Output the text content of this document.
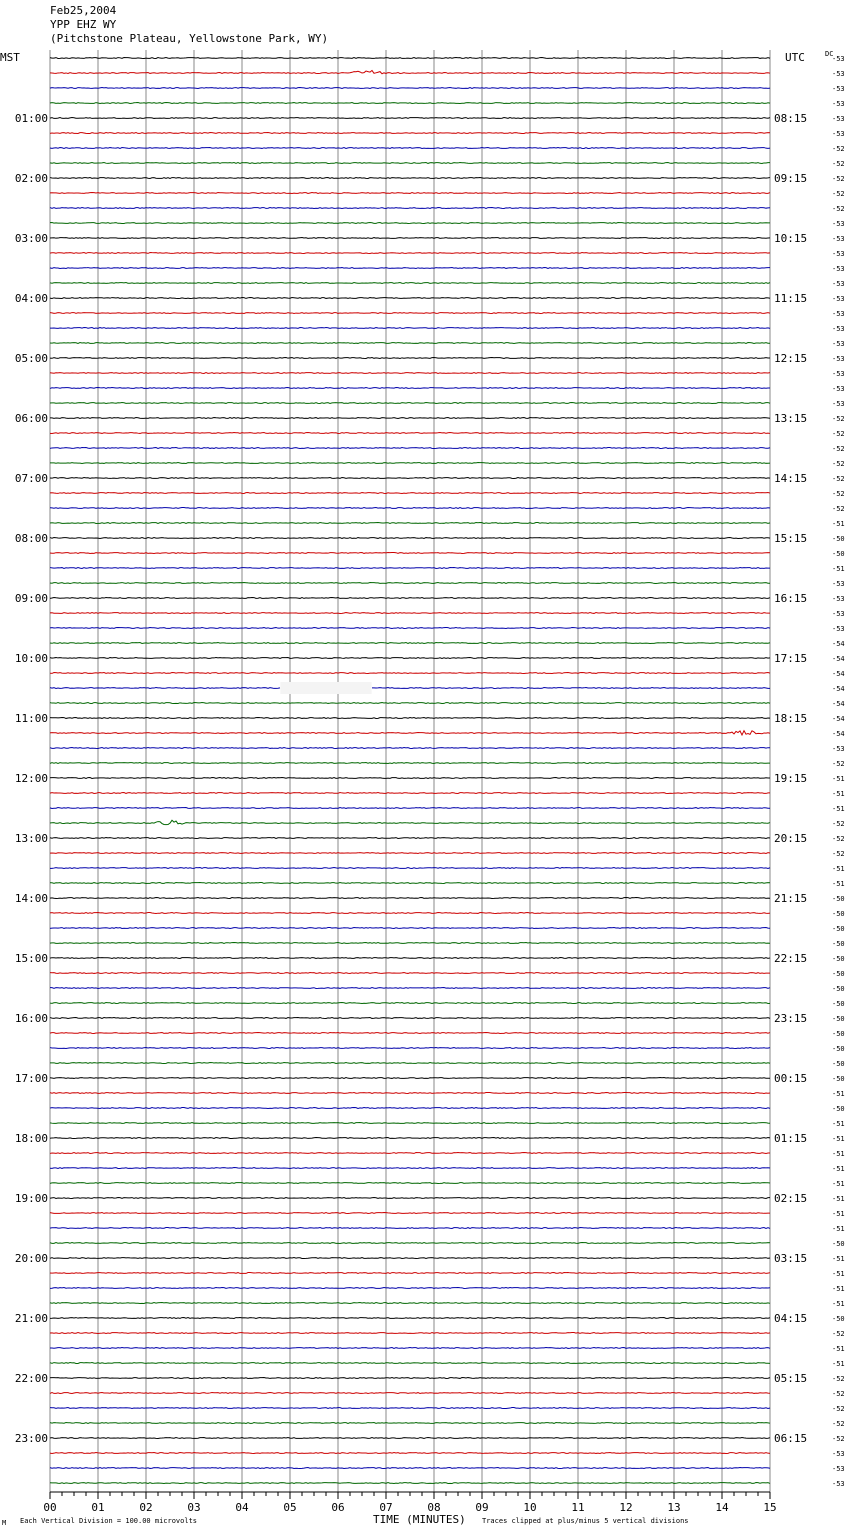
Feb25,2004
YPP EHZ WY
(Pitchstone Plateau, Yellowstone Park, WY)
MST	UTC	DC
TIME (MINUTES)
Each Vertical Division = 100.00 microvolts	Traces clipped at plus/minus 5 vertical divisions
M
00	01	02	03	04	05	06	07	08	09	10	11	12	13	14	15
-53
-53
-53
-53
-53
-53
-52
-52
-52
-52
-52
-53
-53
-53
-53
-53
-53
-53
-53
-53
-53
-53
-53
-53
-52
-52
-52
-52
-52
-52
-52
-51
-50
-50
-51
-53
-53
-53
-53
-54
-54
-54
-54
-54
-54
-54
-53
-52
-51
-51
-51
-52
-52
-52
-51
-51
-50
-50
-50
-50
-50
-50
-50
-50
-50
-50
-50
-50
-50
-51
-50
-51
-51
-51
-51
-51
-51
-51
-51
-50
-51
-51
-51
-51
-50
-52
-51
-51
-52
-52
-52
-52
-52
-53
-53
-53
01:00
02:00
03:00
04:00
05:00
06:00
07:00
08:00
09:00
10:00
11:00
12:00
13:00
14:00
15:00
16:00
17:00
18:00
19:00
20:00
21:00
22:00
23:00
08:15
09:15
10:15
11:15
12:15
13:15
14:15
15:15
16:15
17:15
18:15
19:15
20:15
21:15
22:15
23:15
00:15
01:15
02:15
03:15
04:15
05:15
06:15
